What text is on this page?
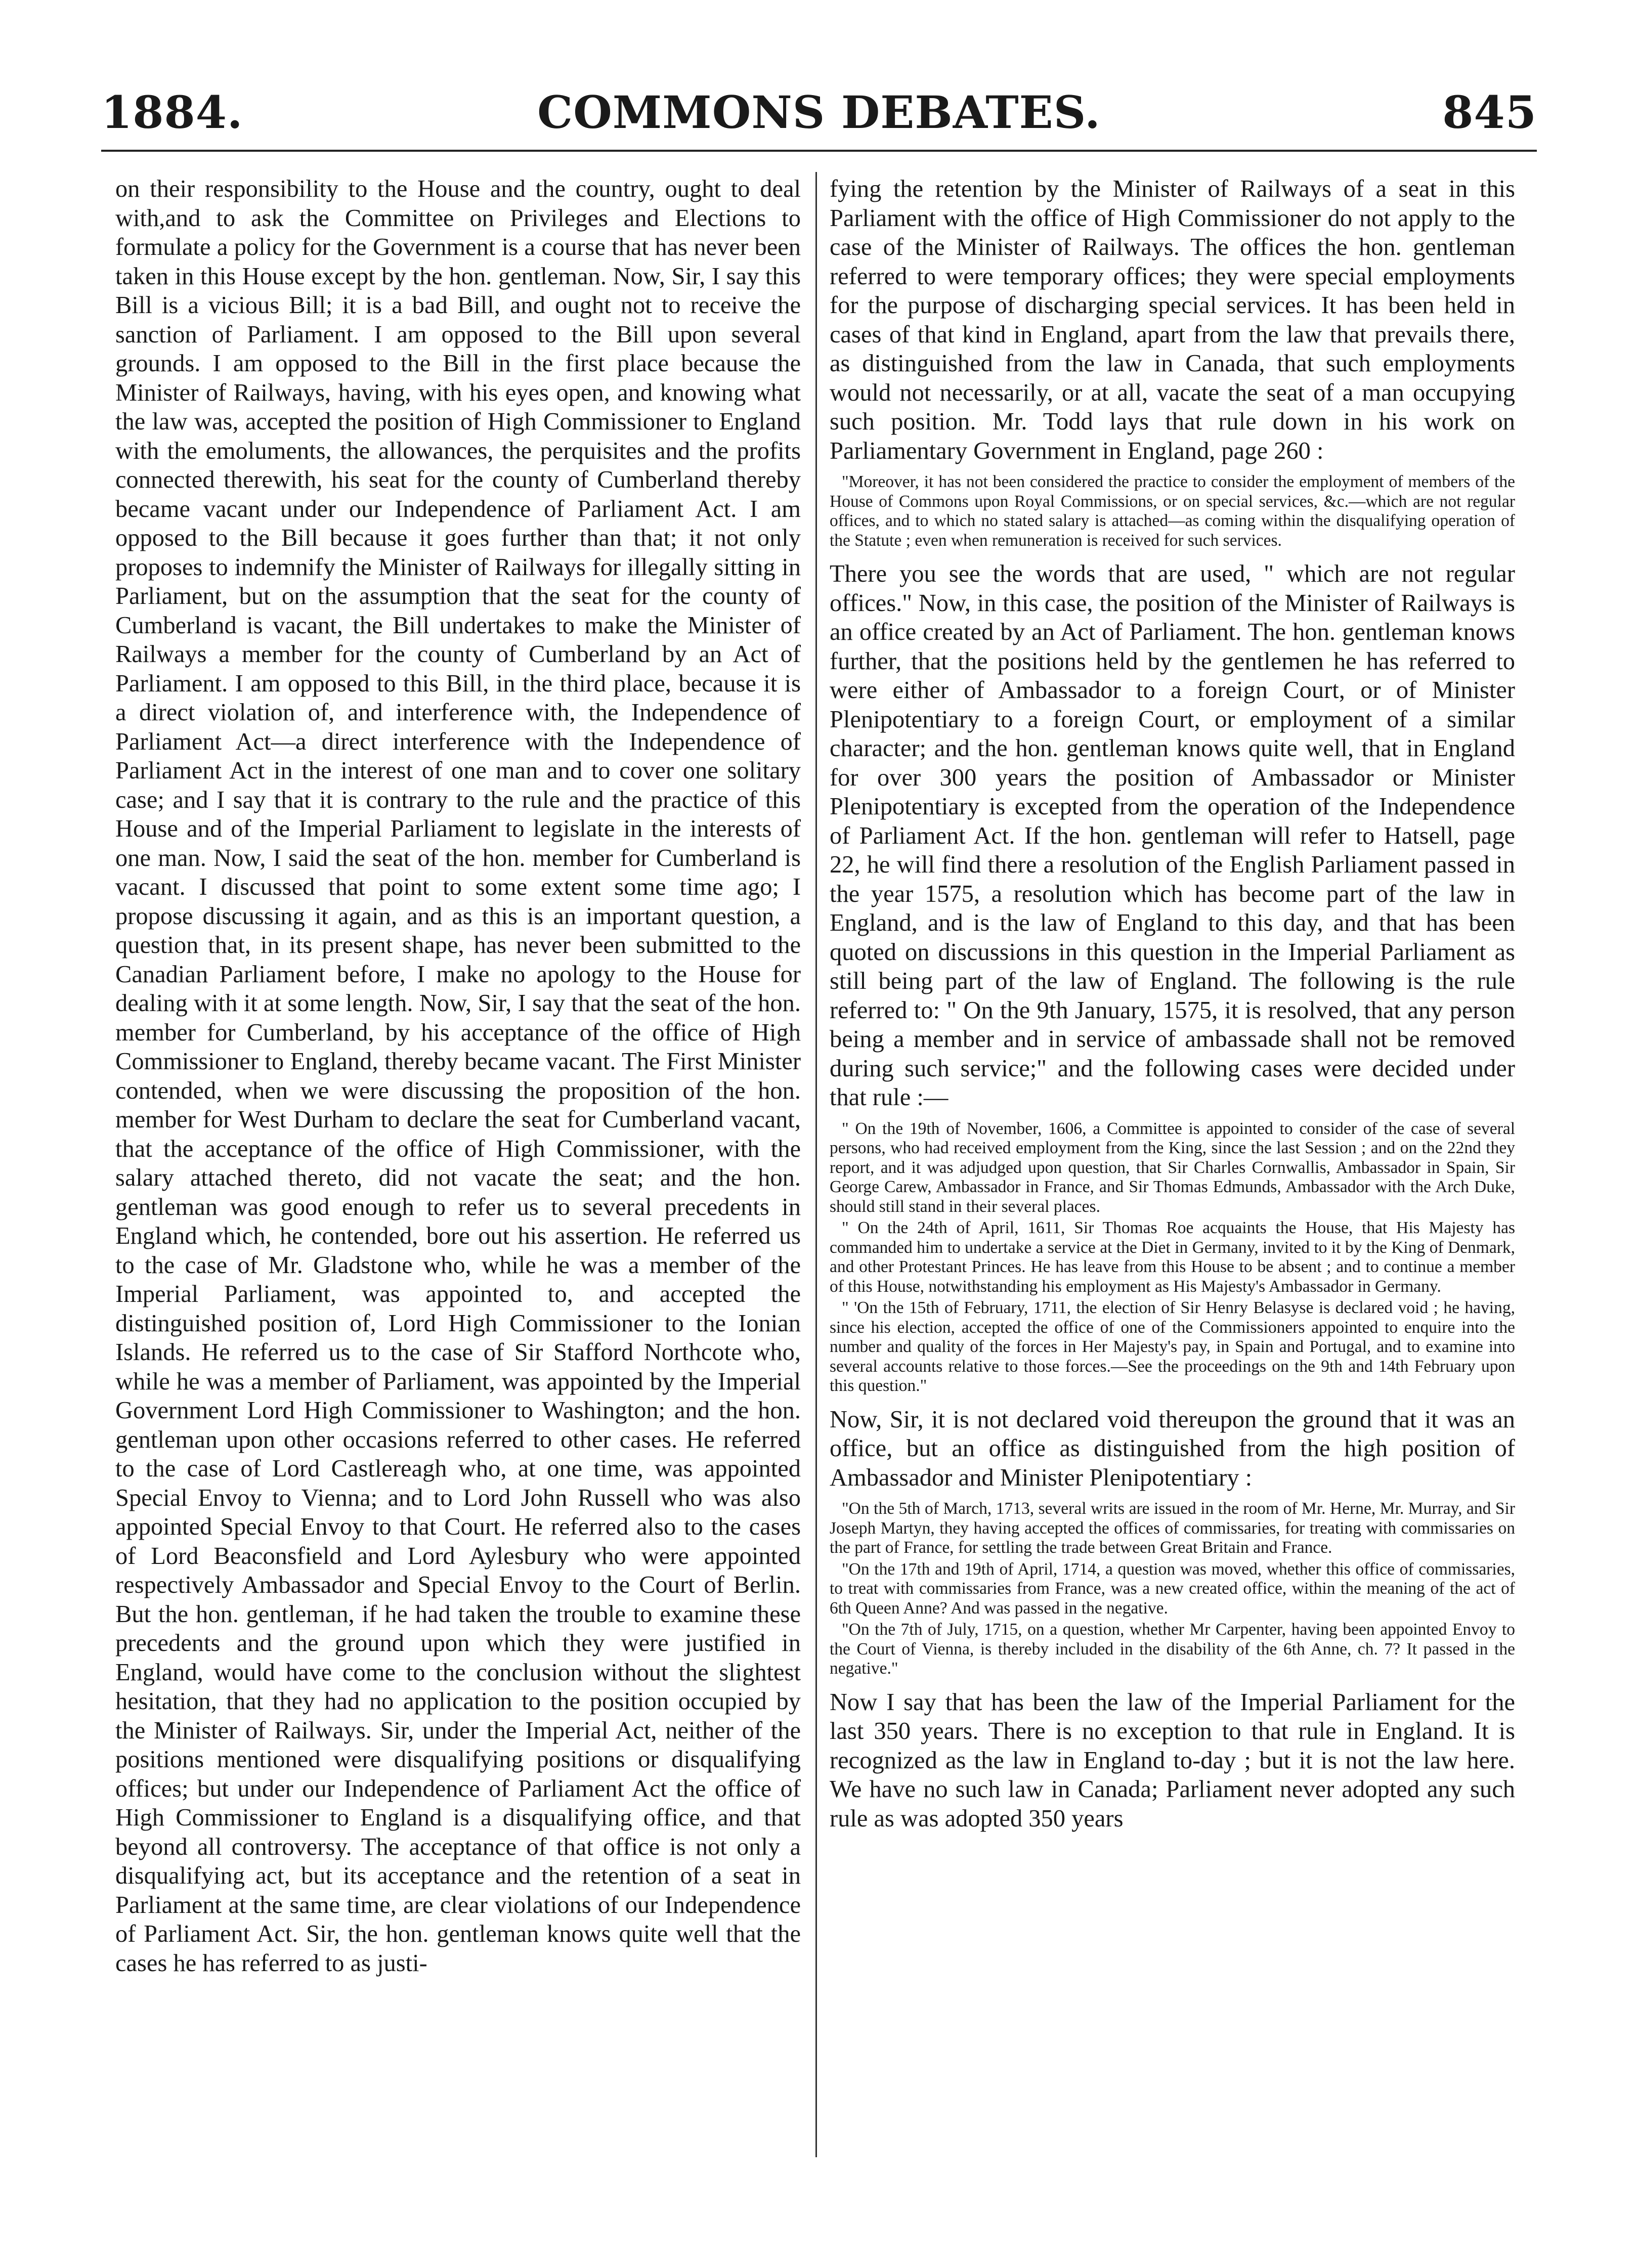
COMMONS DEBATES.
1884.	845

on their responsibility to the House and the country, ought to deal with,and to ask the Committee on Privileges and Elections to formulate a policy for the Government is a course that has never been taken in this House except by the hon. gentleman. Now, Sir, I say this Bill is a vicious Bill; it is a bad Bill, and ought not to receive the sanction of Parliament. I am opposed to the Bill upon several grounds. I am opposed to the Bill in the first place because the Minister of Railways, having, with his eyes open, and knowing what the law was, accepted the position of High Commissioner to England with the emoluments, the allowances, the perquisites and the profits connected therewith, his seat for the county of Cumberland thereby became vacant under our Independence of Parliament Act. I am opposed to the Bill because it goes further than that; it not only proposes to indemnify the Minister of Railways for illegally sitting in Parliament, but on the assumption that the seat for the county of Cumberland is vacant, the Bill undertakes to make the Minister of Railways a member for the county of Cumberland by an Act of Parliament. I am opposed to this Bill, in the third place, because it is a direct violation of, and interference with, the Independence of Parliament Act—a direct interference with the Independence of Parliament Act in the interest of one man and to cover one solitary case; and I say that it is contrary to the rule and the practice of this House and of the Imperial Parliament to legislate in the interests of one man. Now, I said the seat of the hon. member for Cumberland is vacant. I discussed that point to some extent some time ago; I propose discussing it again, and as this is an important question, a question that, in its present shape, has never been submitted to the Canadian Parliament before, I make no apology to the House for dealing with it at some length. Now, Sir, I say that the seat of the hon. member for Cumberland, by his acceptance of the office of High Commissioner to England, thereby became vacant. The First Minister contended, when we were discussing the proposition of the hon. member for West Durham to declare the seat for Cumberland vacant, that the acceptance of the office of High Commissioner, with the salary attached thereto, did not vacate the seat; and the hon. gentleman was good enough to refer us to several precedents in England which, he contended, bore out his assertion. He referred us to the case of Mr. Gladstone who, while he was a member of the Imperial Parliament, was appointed to, and accepted the distinguished position of, Lord High Commissioner to the Ionian Islands. He referred us to the case of Sir Stafford Northcote who, while he was a member of Parliament, was appointed by the Imperial Government Lord High Commissioner to Washington; and the hon. gentleman upon other occasions referred to other cases. He referred to the case of Lord Castlereagh who, at one time, was appointed Special Envoy to Vienna; and to Lord John Russell who was also appointed Special Envoy to that Court. He referred also to the cases of Lord Beaconsfield and Lord Aylesbury who were appointed respectively Ambassador and Special Envoy to the Court of Berlin. But the hon. gentleman, if he had taken the trouble to examine these precedents and the ground upon which they were justified in England, would have come to the conclusion without the slightest hesitation, that they had no application to the position occupied by the Minister of Railways. Sir, under the Imperial Act, neither of the positions mentioned were disqualifying positions or disqualifying offices; but under our Independence of Parliament Act the office of High Commissioner to England is a disqualifying office, and that beyond all controversy. The acceptance of that office is not only a disqualifying act, but its acceptance and the retention of a seat in Parliament at the same time, are clear violations of our Independence of Parliament Act. Sir, the hon. gentleman knows quite well that the cases he has referred to as justi-

fying the retention by the Minister of Railways of a seat in this Parliament with the office of High Commissioner do not apply to the case of the Minister of Railways. The offices the hon. gentleman referred to were temporary offices; they were special employments for the purpose of discharging special services. It has been held in cases of that kind in England, apart from the law that prevails there, as distinguished from the law in Canada, that such employments would not necessarily, or at all, vacate the seat of a man occupying such position. Mr. Todd lays that rule down in his work on Parliamentary Government in England, page 260 :

"Moreover, it has not been considered the practice to consider the employment of members of the House of Commons upon Royal Commissions, or on special services, &c.—which are not regular offices, and to which no stated salary is attached—as coming within the disqualifying operation of the Statute ; even when remuneration is received for such services.

There you see the words that are used, " which are not regular offices." Now, in this case, the position of the Minister of Railways is an office created by an Act of Parliament. The hon. gentleman knows further, that the positions held by the gentlemen he has referred to were either of Ambassador to a foreign Court, or of Minister Plenipotentiary to a foreign Court, or employment of a similar character; and the hon. gentleman knows quite well, that in England for over 300 years the position of Ambassador or Minister Plenipotentiary is excepted from the operation of the Independence of Parliament Act. If the hon. gentleman will refer to Hatsell, page 22, he will find there a resolution of the English Parliament passed in the year 1575, a resolution which has become part of the law in England, and is the law of England to this day, and that has been quoted on discussions in this question in the Imperial Parliament as still being part of the law of England. The following is the rule referred to: " On the 9th January, 1575, it is resolved, that any person being a member and in service of ambassade shall not be removed during such service;" and the following cases were decided under that rule :—

" On the 19th of November, 1606, a Committee is appointed to consider of the case of several persons, who had received employment from the King, since the last Session ; and on the 22nd they report, and it was adjudged upon question, that Sir Charles Cornwallis, Ambassador in Spain, Sir George Carew, Ambassador in France, and Sir Thomas Edmunds, Ambassador with the Arch Duke, should still stand in their several places.

" On the 24th of April, 1611, Sir Thomas Roe acquaints the House, that His Majesty has commanded him to undertake a service at the Diet in Germany, invited to it by the King of Denmark, and other Protestant Princes. He has leave from this House to be absent ; and to continue a member of this House, notwithstanding his employment as His Majesty's Ambassador in Germany.

" 'On the 15th of February, 1711, the election of Sir Henry Belasyse is declared void ; he having, since his election, accepted the office of one of the Commissioners appointed to enquire into the number and quality of the forces in Her Majesty's pay, in Spain and Portugal, and to examine into several accounts relative to those forces.—See the proceedings on the 9th and 14th February upon this question."

Now, Sir, it is not declared void thereupon the ground that it was an office, but an office as distinguished from the high position of Ambassador and Minister Plenipotentiary :

"On the 5th of March, 1713, several writs are issued in the room of Mr. Herne, Mr. Murray, and Sir Joseph Martyn, they having accepted the offices of commissaries, for treating with commissaries on the part of France, for settling the trade between Great Britain and France.

"On the 17th and 19th of April, 1714, a question was moved, whether this office of commissaries, to treat with commissaries from France, was a new created office, within the meaning of the act of 6th Queen Anne? And was passed in the negative.

"On the 7th of July, 1715, on a question, whether Mr Carpenter, having been appointed Envoy to the Court of Vienna, is thereby included in the disability of the 6th Anne, ch. 7? It passed in the negative."

Now I say that has been the law of the Imperial Parliament for the last 350 years. There is no exception to that rule in England. It is recognized as the law in England to-day ; but it is not the law here. We have no such law in Canada; Parliament never adopted any such rule as was adopted 350 years
